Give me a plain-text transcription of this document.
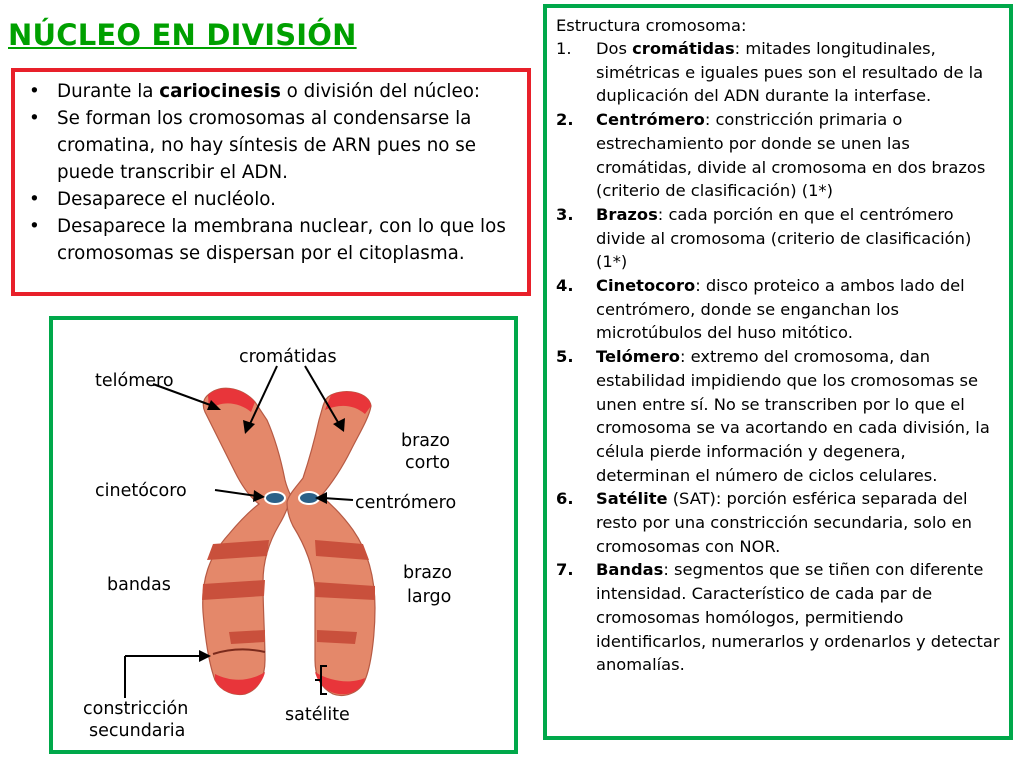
NÚCLEO EN DIVISIÓN
• Durante la cariocinesis o división del núcleo:
• Se forman los cromosomas al condensarse la cromatina, no hay síntesis de ARN pues no se puede transcribir el ADN.
• Desaparece el nucléolo.
• Desaparece la membrana nuclear, con lo que los cromosomas se dispersan por el citoplasma.
cromátidas
telómero
brazo
corto
cinetócoro
centrómero
bandas
brazo
largo
constricción
secundaria
satélite
Estructura cromosoma:
1. Dos cromátidas: mitades longitudinales, simétricas e iguales pues son el resultado de la duplicación del ADN durante la interfase.
2. Centrómero: constricción primaria o estrechamiento por donde se unen las cromátidas, divide al cromosoma en dos brazos (criterio de clasificación) (1*)
3. Brazos: cada porción en que el centrómero divide al cromosoma (criterio de clasificación) (1*)
4. Cinetocoro: disco proteico a ambos lado del centrómero, donde se enganchan los microtúbulos del huso mitótico.
5. Telómero: extremo del cromosoma, dan estabilidad impidiendo que los cromosomas se unen entre sí. No se transcriben por lo que el cromosoma se va acortando en cada división, la célula pierde información y degenera, determinan el número de ciclos celulares.
6. Satélite (SAT): porción esférica separada del resto por una constricción secundaria, solo en cromosomas con NOR.
7. Bandas: segmentos que se tiñen con diferente intensidad. Característico de cada par de cromosomas homólogos, permitiendo identificarlos, numerarlos y ordenarlos y detectar anomalías.
